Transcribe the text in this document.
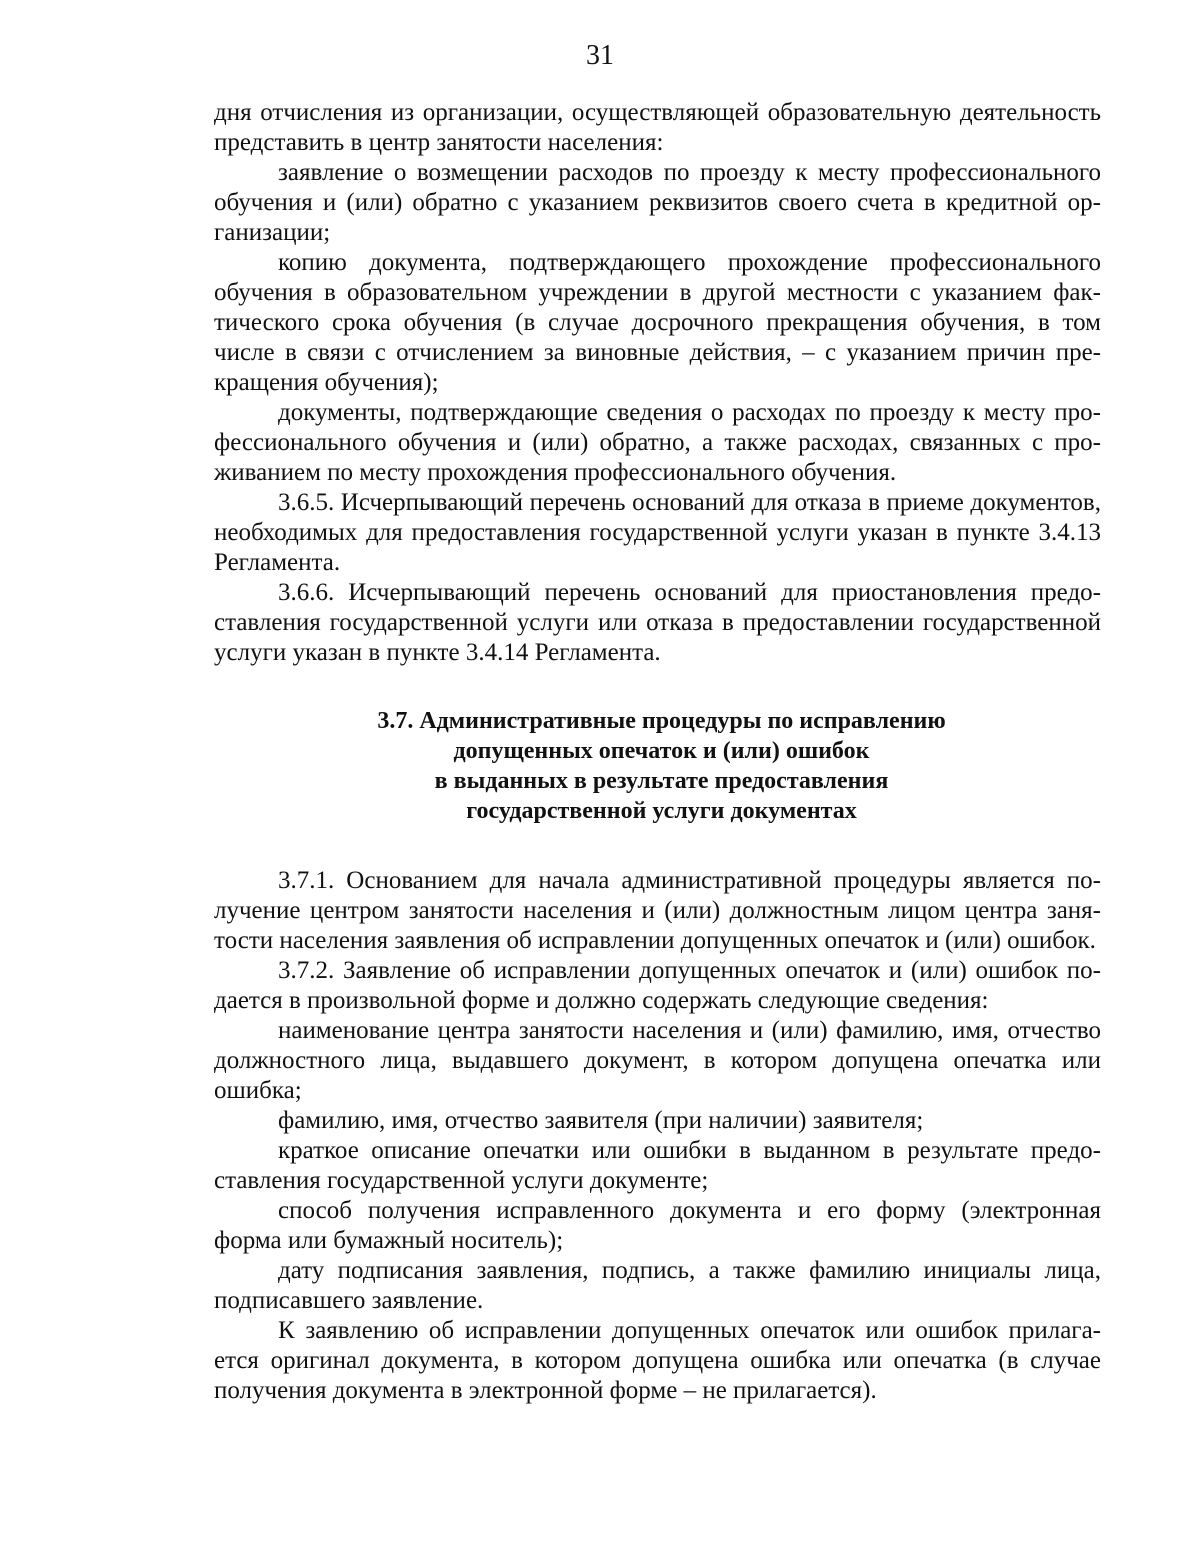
31

дня отчисления из организации, осуществляющей образовательную деятельность представить в центр занятости населения:

заявление о возмещении расходов по проезду к месту профессионального обучения и (или) обратно с указанием реквизитов своего счета в кредитной организации;

копию документа, подтверждающего прохождение профессионального обучения в образовательном учреждении в другой местности с указанием фактического срока обучения (в случае досрочного прекращения обучения, в том числе в связи с отчислением за виновные действия, – с указанием причин прекращения обучения);

документы, подтверждающие сведения о расходах по проезду к месту профессионального обучения и (или) обратно, а также расходах, связанных с проживанием по месту прохождения профессионального обучения.

3.6.5. Исчерпывающий перечень оснований для отказа в приеме документов, необходимых для предоставления государственной услуги указан в пункте 3.4.13 Регламента.

3.6.6. Исчерпывающий перечень оснований для приостановления предоставления государственной услуги или отказа в предоставлении государственной услуги указан в пункте 3.4.14 Регламента.

3.7. Административные процедуры по исправлению
допущенных опечаток и (или) ошибок
в выданных в результате предоставления
государственной услуги документах

3.7.1. Основанием для начала административной процедуры является получение центром занятости населения и (или) должностным лицом центра занятости населения заявления об исправлении допущенных опечаток и (или) ошибок.

3.7.2. Заявление об исправлении допущенных опечаток и (или) ошибок подается в произвольной форме и должно содержать следующие сведения:

наименование центра занятости населения и (или) фамилию, имя, отчество должностного лица, выдавшего документ, в котором допущена опечатка или ошибка;

фамилию, имя, отчество заявителя (при наличии) заявителя;

краткое описание опечатки или ошибки в выданном в результате предоставления государственной услуги документе;

способ получения исправленного документа и его форму (электронная форма или бумажный носитель);

дату подписания заявления, подпись, а также фамилию инициалы лица, подписавшего заявление.

К заявлению об исправлении допущенных опечаток или ошибок прилагается оригинал документа, в котором допущена ошибка или опечатка (в случае получения документа в электронной форме – не прилагается).
